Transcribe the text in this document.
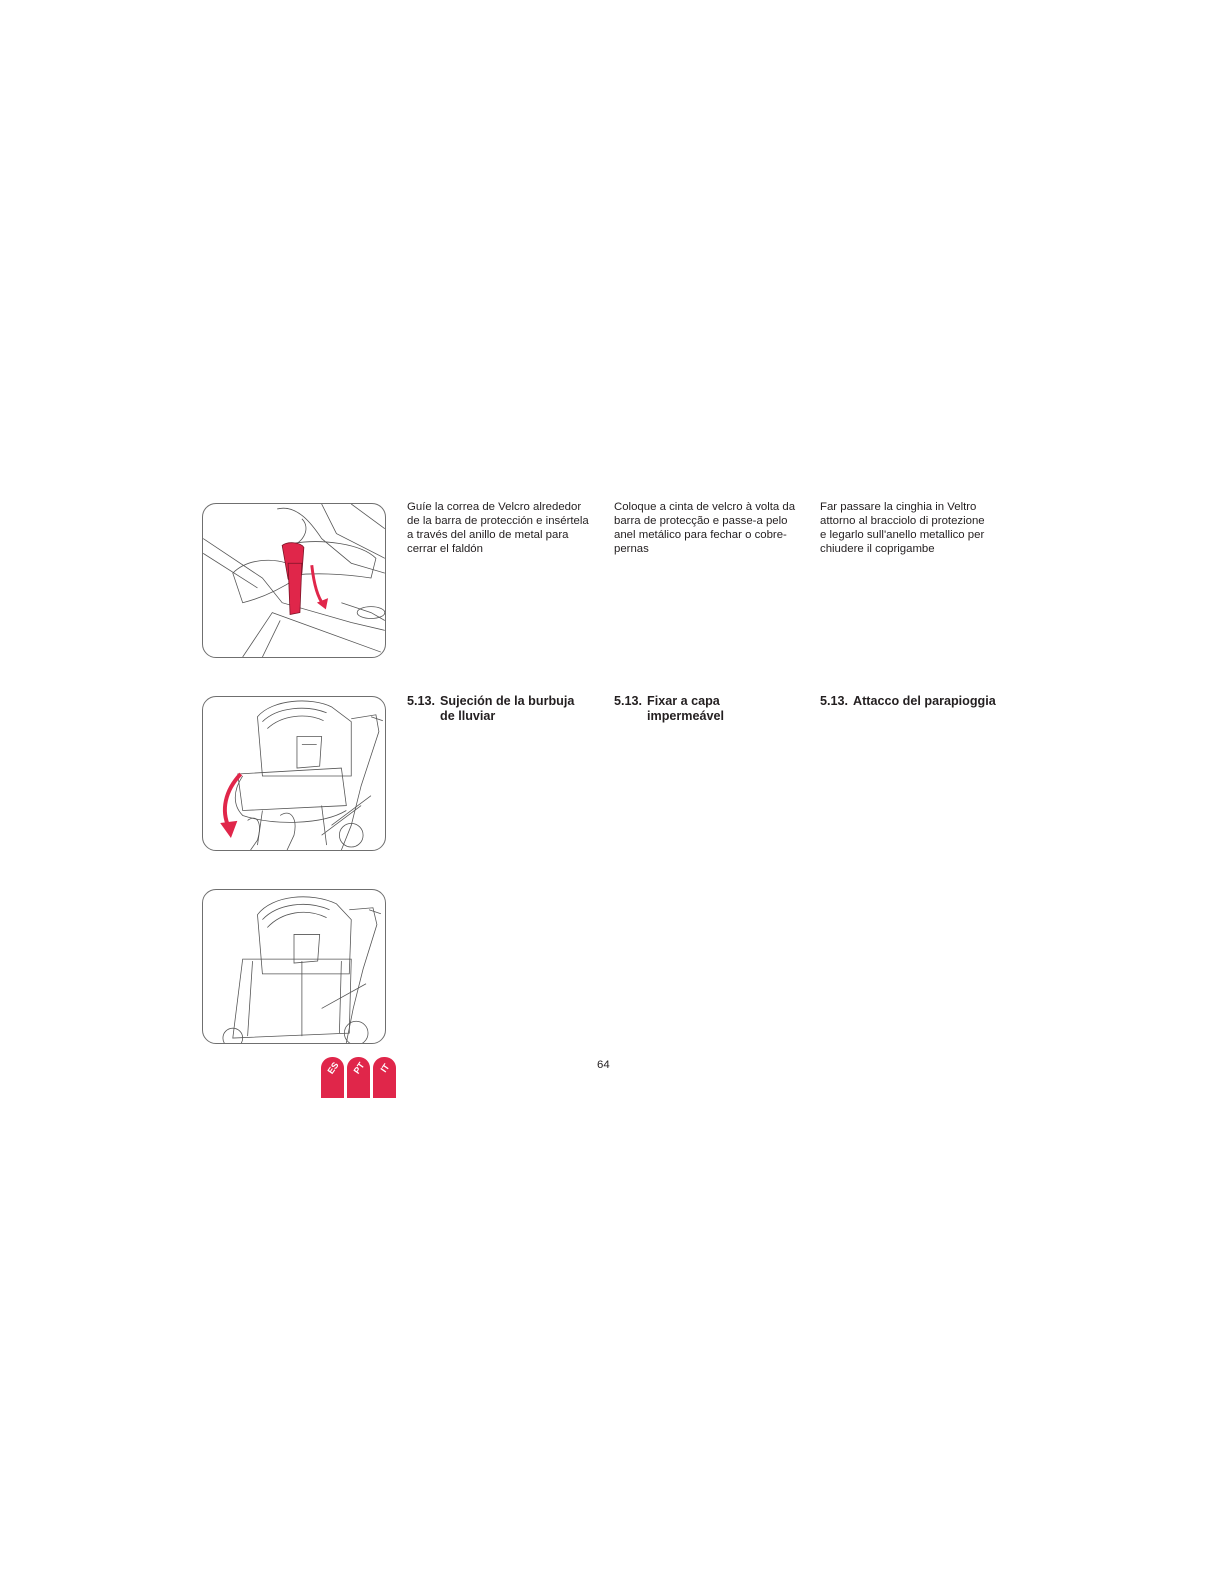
Guíe la correa de Velcro alrededor
de la barra de protección e insértela
a través del anillo de metal para
cerrar el faldón

Coloque a cinta de velcro à volta da
barra de protecção e passe-a pelo
anel metálico para fechar o cobre-
pernas

Far passare la cinghia in Veltro
attorno al bracciolo di protezione
e legarlo sull'anello metallico per
chiudere il coprigambe

5.13. Sujeción de la burbuja de lluviar
5.13. Fixar a capa impermeável
5.13. Attacco del parapioggia
64
ES PT	IT
